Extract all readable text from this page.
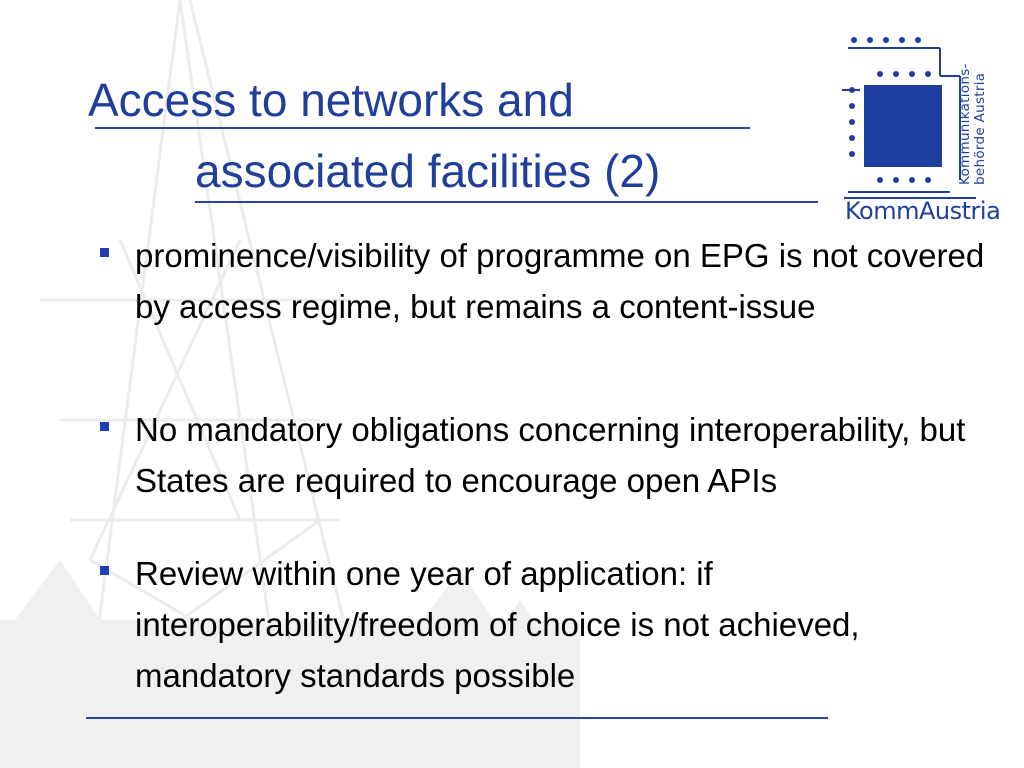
Access to networks and
associated facilities (2)
prominence/visibility of programme on EPG is not covered by access regime, but remains a content-issue
No mandatory obligations concerning interoperability, but States are required to encourage open APIs
Review within one year of application: if interoperability/freedom of choice is not achieved, mandatory standards possible
Kommunikations- behörde Austria
KommAustria
